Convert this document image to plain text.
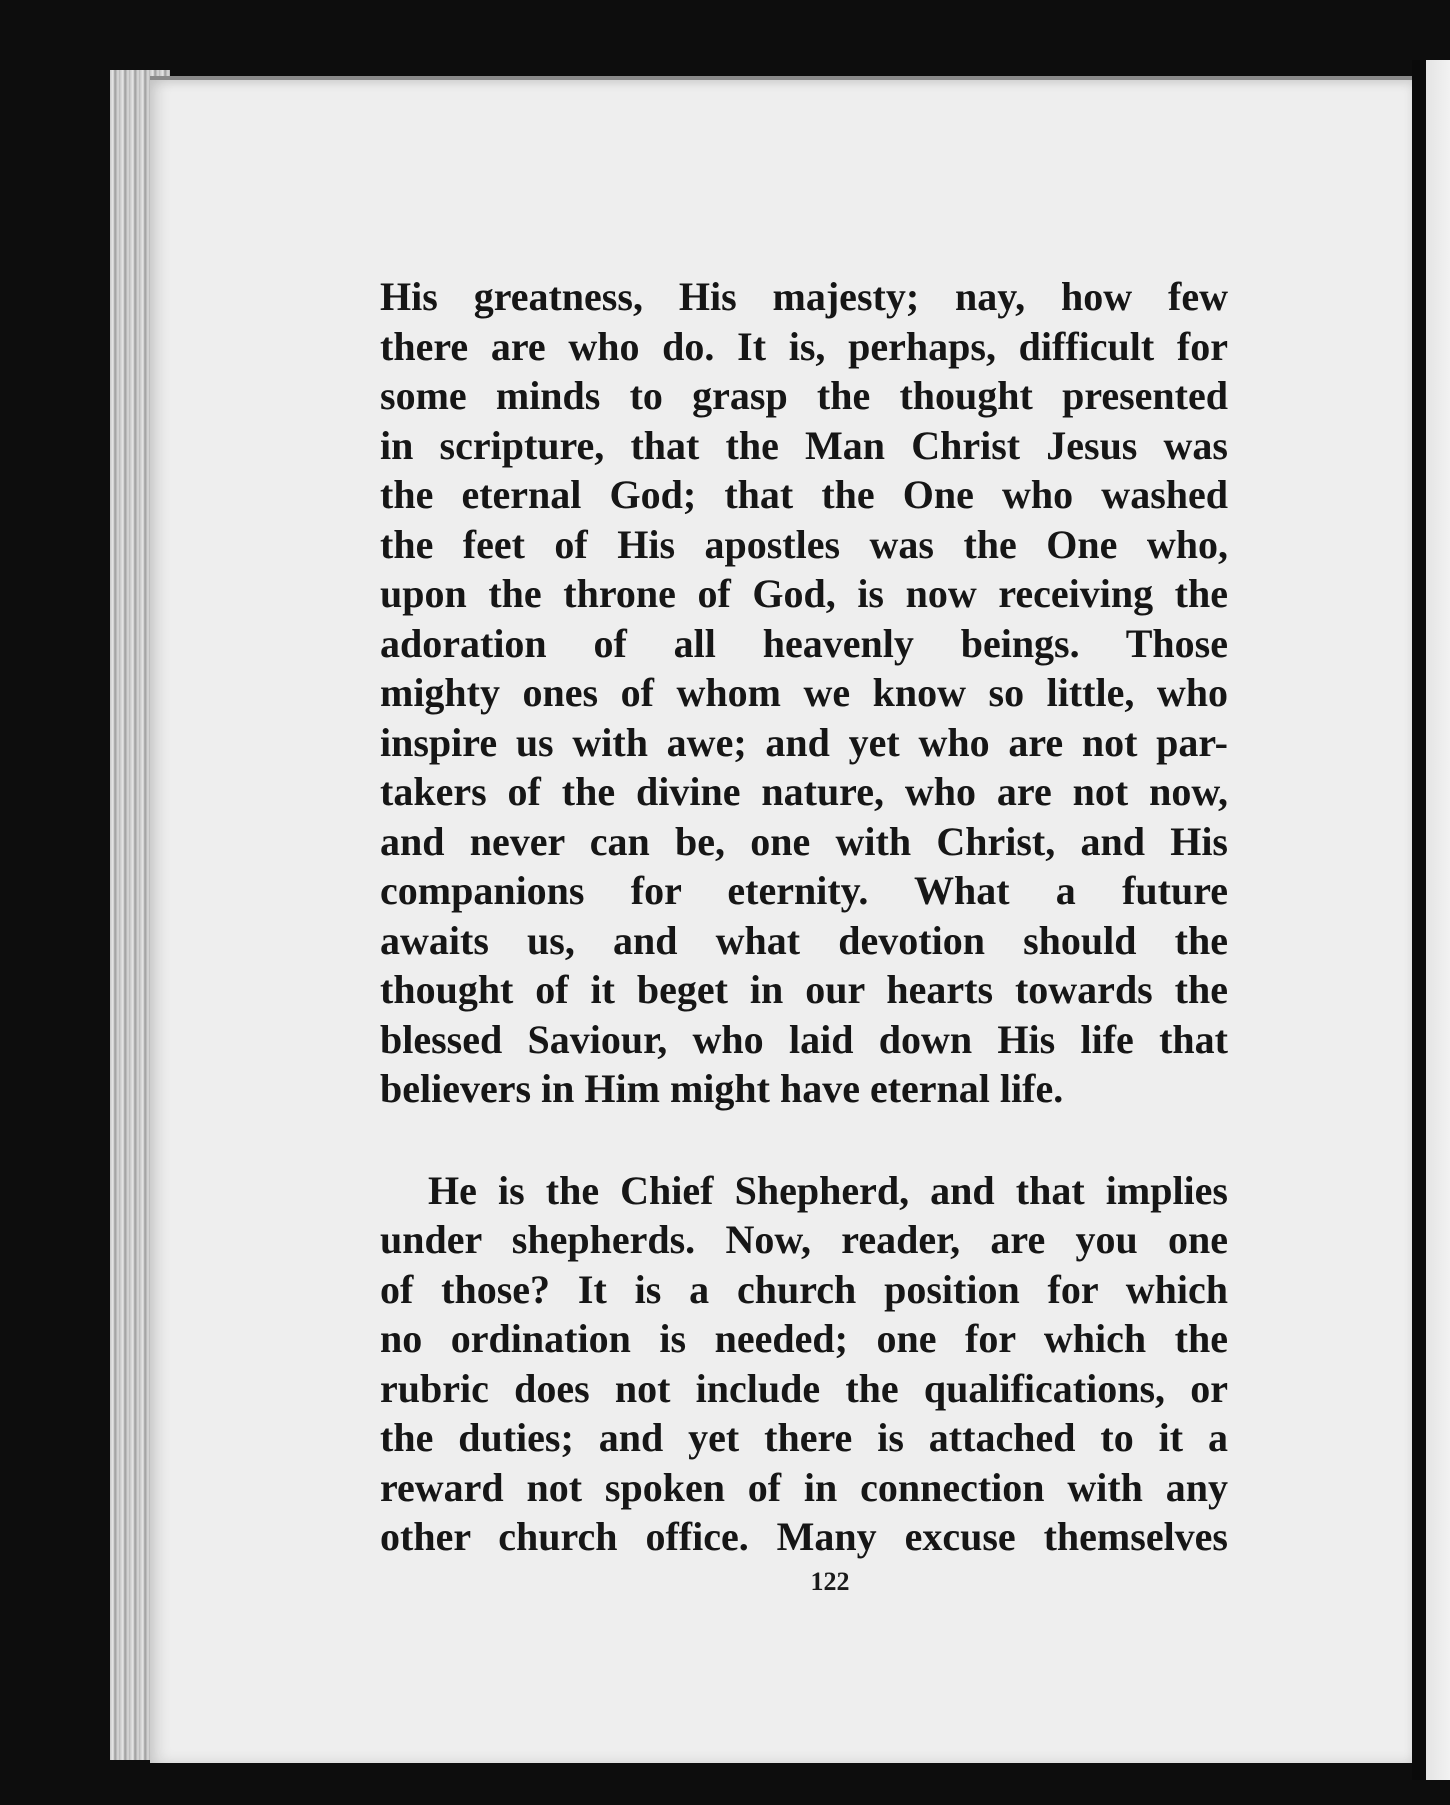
His greatness, His majesty; nay, how few
there are who do. It is, perhaps, difficult for
some minds to grasp the thought presented
in scripture, that the Man Christ Jesus was
the eternal God; that the One who washed
the feet of His apostles was the One who,
upon the throne of God, is now receiving the
adoration of all heavenly beings. Those
mighty ones of whom we know so little, who
inspire us with awe; and yet who are not par-
takers of the divine nature, who are not now,
and never can be, one with Christ, and His
companions for eternity. What a future
awaits us, and what devotion should the
thought of it beget in our hearts towards the
blessed Saviour, who laid down His life that
believers in Him might have eternal life.
He is the Chief Shepherd, and that implies
under shepherds. Now, reader, are you one
of those? It is a church position for which
no ordination is needed; one for which the
rubric does not include the qualifications, or
the duties; and yet there is attached to it a
reward not spoken of in connection with any
other church office. Many excuse themselves
122
